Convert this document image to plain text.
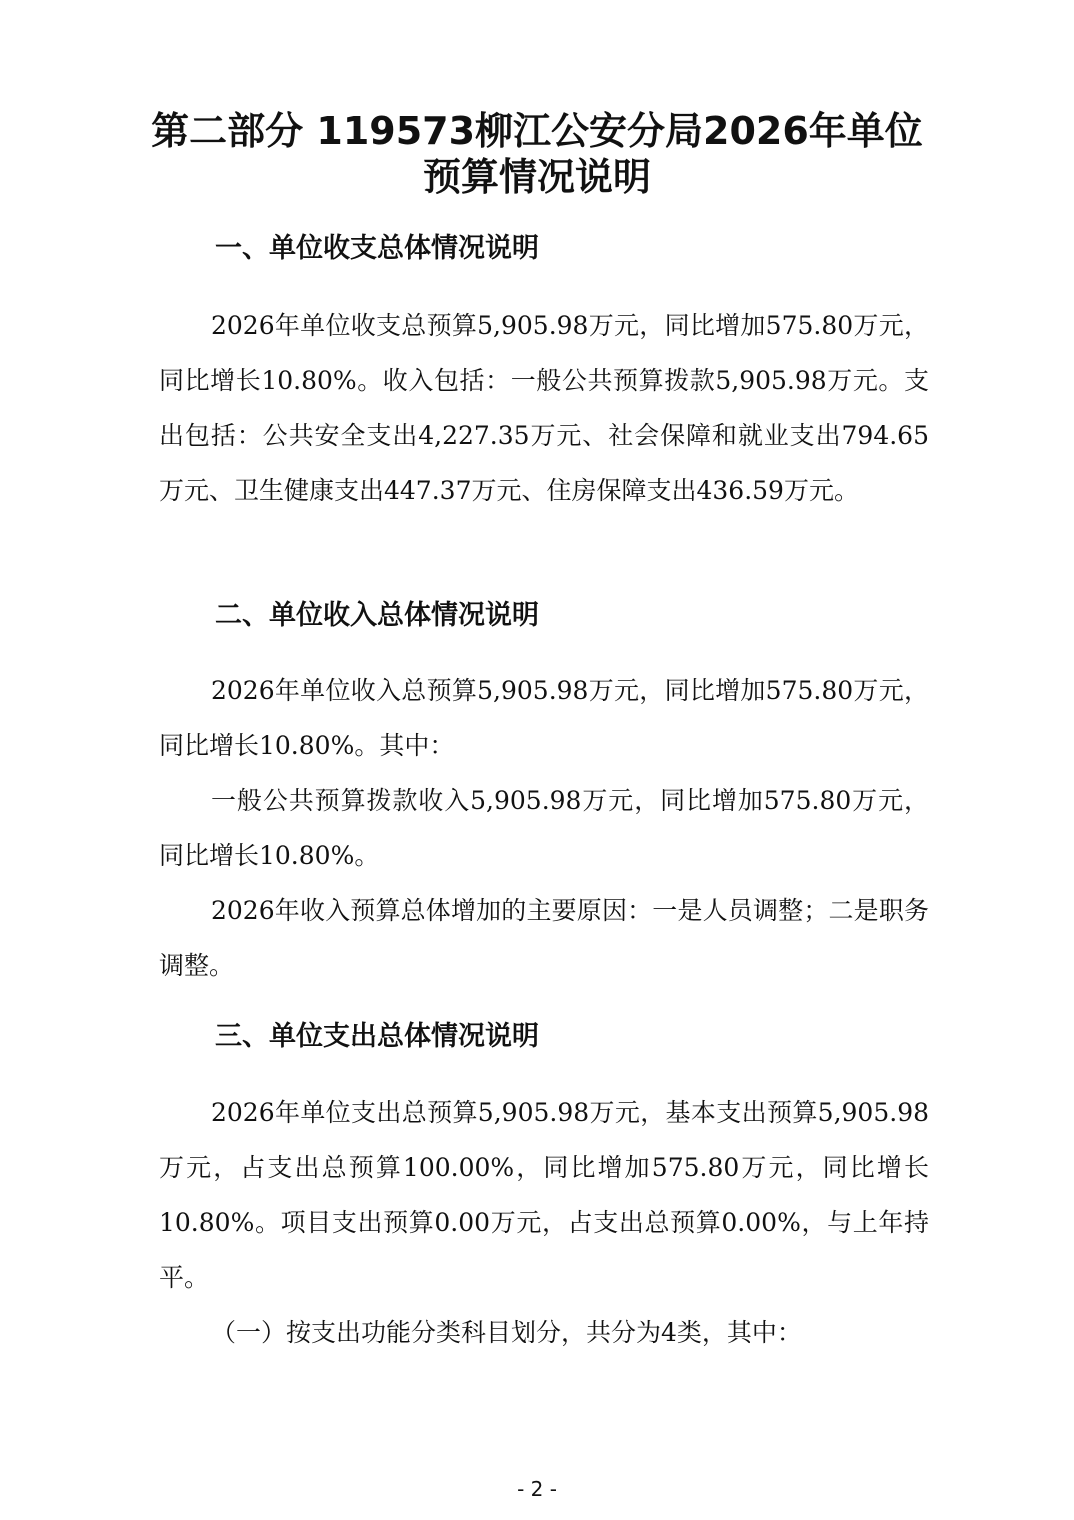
第二部分 119573柳江公安分局2026年单位
预算情况说明
一、单位收支总体情况说明

2026年单位收支总预算5,905.98万元，同比增加575.80万元，同比增长10.80%。收入包括：一般公共预算拨款5,905.98万元。支出包括：公共安全支出4,227.35万元、社会保障和就业支出794.65万元、卫生健康支出447.37万元、住房保障支出436.59万元。

二、单位收入总体情况说明

2026年单位收入总预算5,905.98万元，同比增加575.80万元，同比增长10.80%。其中：

一般公共预算拨款收入5,905.98万元，同比增加575.80万元，同比增长10.80%。

2026年收入预算总体增加的主要原因：一是人员调整；二是职务调整。

三、单位支出总体情况说明

2026年单位支出总预算5,905.98万元，基本支出预算5,905.98万元，占支出总预算100.00%，同比增加575.80万元，同比增长10.80%。项目支出预算0.00万元，占支出总预算0.00%，与上年持平。

（一）按支出功能分类科目划分，共分为4类，其中：

- 2 -
